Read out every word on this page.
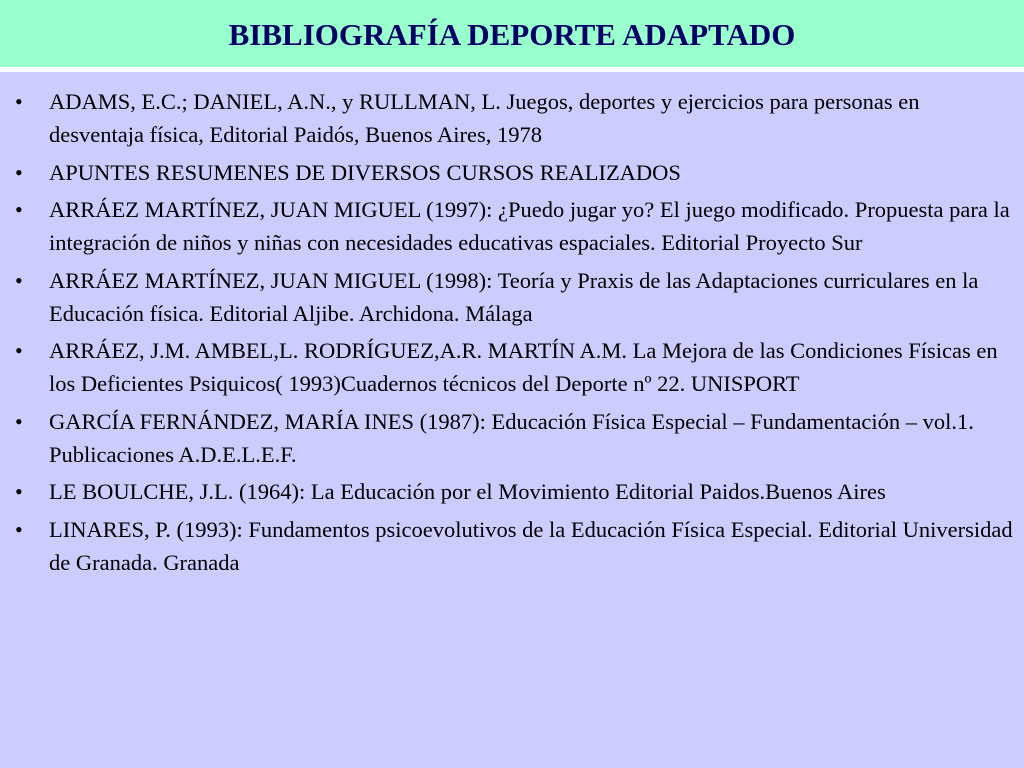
BIBLIOGRAFÍA DEPORTE ADAPTADO
• ADAMS, E.C.; DANIEL, A.N., y RULLMAN, L. Juegos, deportes y ejercicios para personas en desventaja física, Editorial Paidós, Buenos Aires, 1978
• APUNTES RESUMENES DE DIVERSOS CURSOS REALIZADOS
• ARRÁEZ MARTÍNEZ, JUAN MIGUEL (1997): ¿Puedo jugar yo? El juego modificado. Propuesta para la integración de niños y niñas con necesidades educativas espaciales. Editorial Proyecto Sur
• ARRÁEZ MARTÍNEZ, JUAN MIGUEL (1998): Teoría y Praxis de las Adaptaciones curriculares en la Educación física. Editorial Aljibe. Archidona. Málaga
• ARRÁEZ, J.M. AMBEL,L. RODRÍGUEZ,A.R. MARTÍN A.M. La Mejora de las Condiciones Físicas en los Deficientes Psiquicos( 1993)Cuadernos técnicos del Deporte nº 22. UNISPORT
• GARCÍA FERNÁNDEZ, MARÍA INES (1987): Educación Física Especial – Fundamentación – vol.1. Publicaciones A.D.E.L.E.F.
• LE BOULCHE, J.L. (1964): La Educación por el Movimiento Editorial Paidos.Buenos Aires
• LINARES, P. (1993): Fundamentos psicoevolutivos de la Educación Física Especial. Editorial Universidad de Granada. Granada
